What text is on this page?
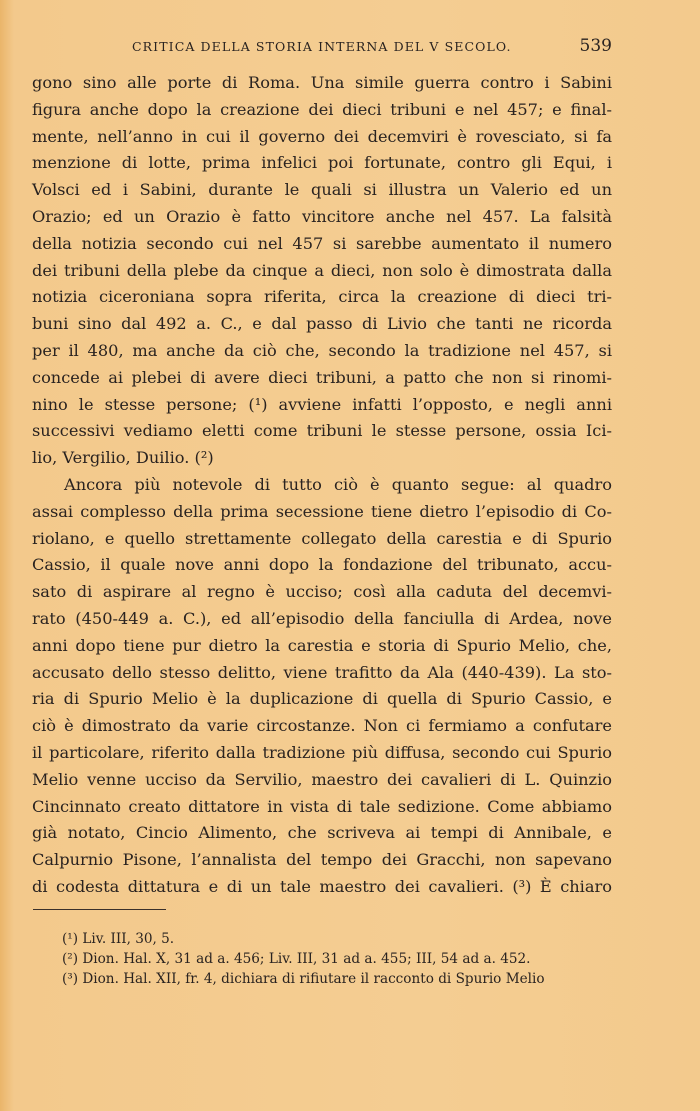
CRITICA DELLA STORIA INTERNA DEL V SECOLO.	539
gono sino alle porte di Roma. Una simile guerra contro i Sabini
figura anche dopo la creazione dei dieci tribuni e nel 457; e final-
mente, nell’anno in cui il governo dei decemviri è rovesciato, si fa
menzione di lotte, prima infelici poi fortunate, contro gli Equi, i
Volsci ed i Sabini, durante le quali si illustra un Valerio ed un
Orazio; ed un Orazio è fatto vincitore anche nel 457. La falsità
della notizia secondo cui nel 457 si sarebbe aumentato il numero
dei tribuni della plebe da cinque a dieci, non solo è dimostrata dalla
notizia ciceroniana sopra riferita, circa la creazione di dieci tri-
buni sino dal 492 a. C., e dal passo di Livio che tanti ne ricorda
per il 480, ma anche da ciò che, secondo la tradizione nel 457, si
concede ai plebei di avere dieci tribuni, a patto che non si rinomi-
nino le stesse persone; (¹) avviene infatti l’opposto, e negli anni
successivi vediamo eletti come tribuni le stesse persone, ossia Ici-
lio, Vergilio, Duilio. (²)
Ancora più notevole di tutto ciò è quanto segue: al quadro
assai complesso della prima secessione tiene dietro l’episodio di Co-
riolano, e quello strettamente collegato della carestia e di Spurio
Cassio, il quale nove anni dopo la fondazione del tribunato, accu-
sato di aspirare al regno è ucciso; così alla caduta del decemvi-
rato (450-449 a. C.), ed all’episodio della fanciulla di Ardea, nove
anni dopo tiene pur dietro la carestia e storia di Spurio Melio, che,
accusato dello stesso delitto, viene trafitto da Ala (440-439). La sto-
ria di Spurio Melio è la duplicazione di quella di Spurio Cassio, e
ciò è dimostrato da varie circostanze. Non ci fermiamo a confutare
il particolare, riferito dalla tradizione più diffusa, secondo cui Spurio
Melio venne ucciso da Servilio, maestro dei cavalieri di L. Quinzio
Cincinnato creato dittatore in vista di tale sedizione. Come abbiamo
già notato, Cincio Alimento, che scriveva ai tempi di Annibale, e
Calpurnio Pisone, l’annalista del tempo dei Gracchi, non sapevano
di codesta dittatura e di un tale maestro dei cavalieri. (³) È chiaro
(¹) Liv. III, 30, 5.
(²) Dion. Hal. X, 31 ad a. 456; Liv. III, 31 ad a. 455; III, 54 ad a. 452.
(³) Dion. Hal. XII, fr. 4, dichiara di rifiutare il racconto di Spurio Melio
